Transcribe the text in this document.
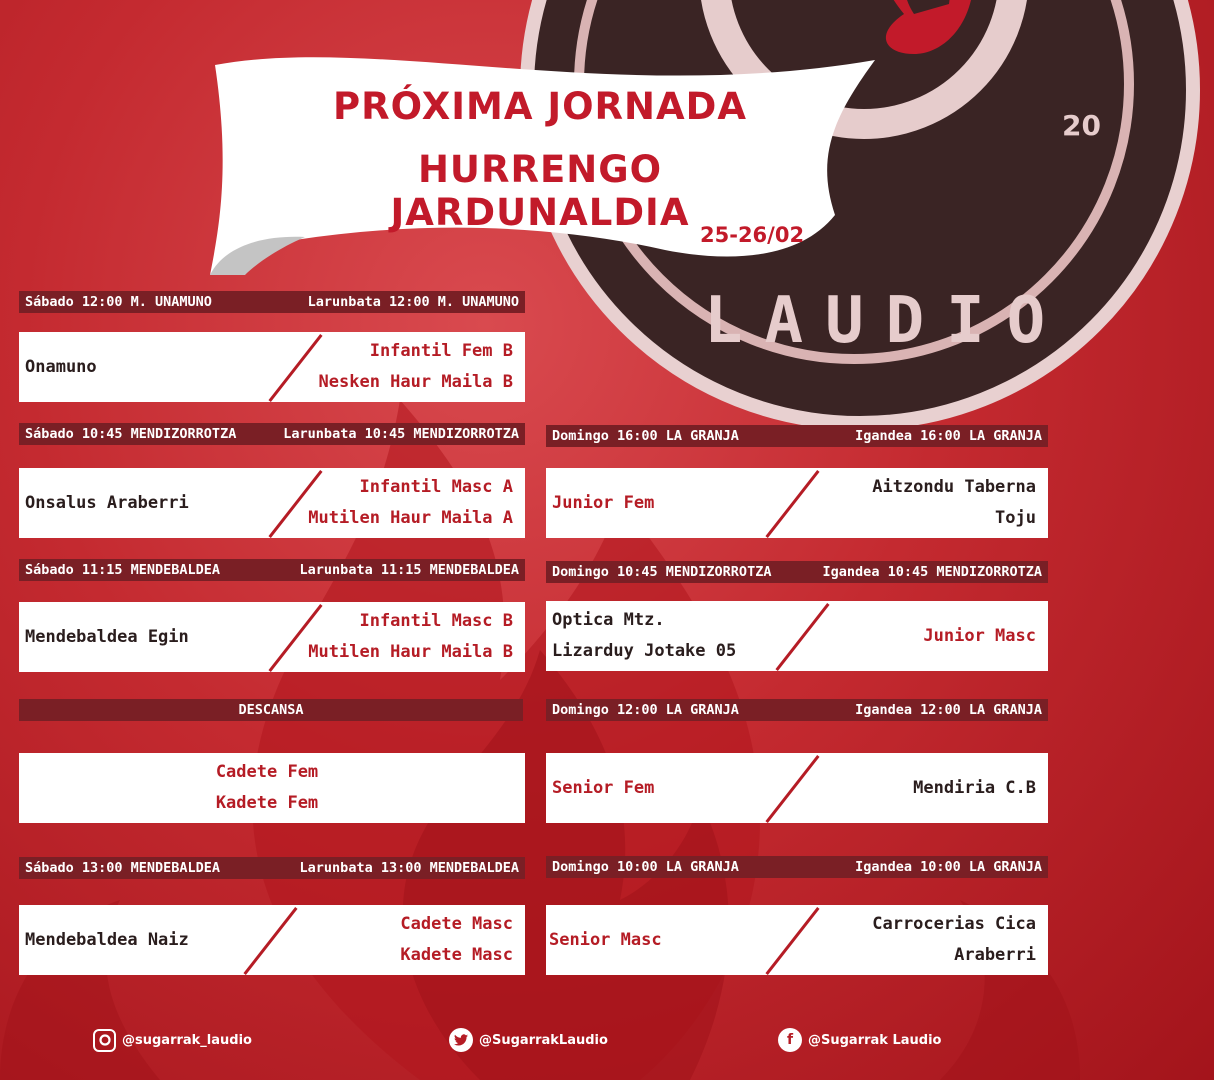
20
LAUDIO
PRÓXIMA JORNADA
HURRENGO JARDUNALDIA
25-26/02
Sábado 12:00 M. UNAMUNO	Larunbata 12:00 M. UNAMUNO
Onamuno
Infantil Fem B
Nesken Haur Maila B
Sábado 10:45 MENDIZORROTZA	Larunbata 10:45 MENDIZORROTZA
Onsalus Araberri
Infantil Masc A
Mutilen Haur Maila A
Sábado 11:15 MENDEBALDEA	Larunbata 11:15 MENDEBALDEA
Mendebaldea Egin
Infantil Masc B
Mutilen Haur Maila B
DESCANSA
Cadete Fem
Kadete Fem
Sábado 13:00 MENDEBALDEA	Larunbata 13:00 MENDEBALDEA
Mendebaldea Naiz
Cadete Masc
Kadete Masc
Domingo 16:00 LA GRANJA	Igandea 16:00 LA GRANJA
Junior Fem
Aitzondu Taberna
Toju
Domingo 10:45 MENDIZORROTZA	Igandea 10:45 MENDIZORROTZA
Optica Mtz.
Lizarduy Jotake 05
Junior Masc
Domingo 12:00 LA GRANJA	Igandea 12:00 LA GRANJA
Senior Fem	Mendiria C.B
Domingo 10:00 LA GRANJA	Igandea 10:00 LA GRANJA
Senior Masc
Carrocerias Cica
Araberri
@sugarrak_laudio	@SugarrakLaudio	f	@Sugarrak Laudio
